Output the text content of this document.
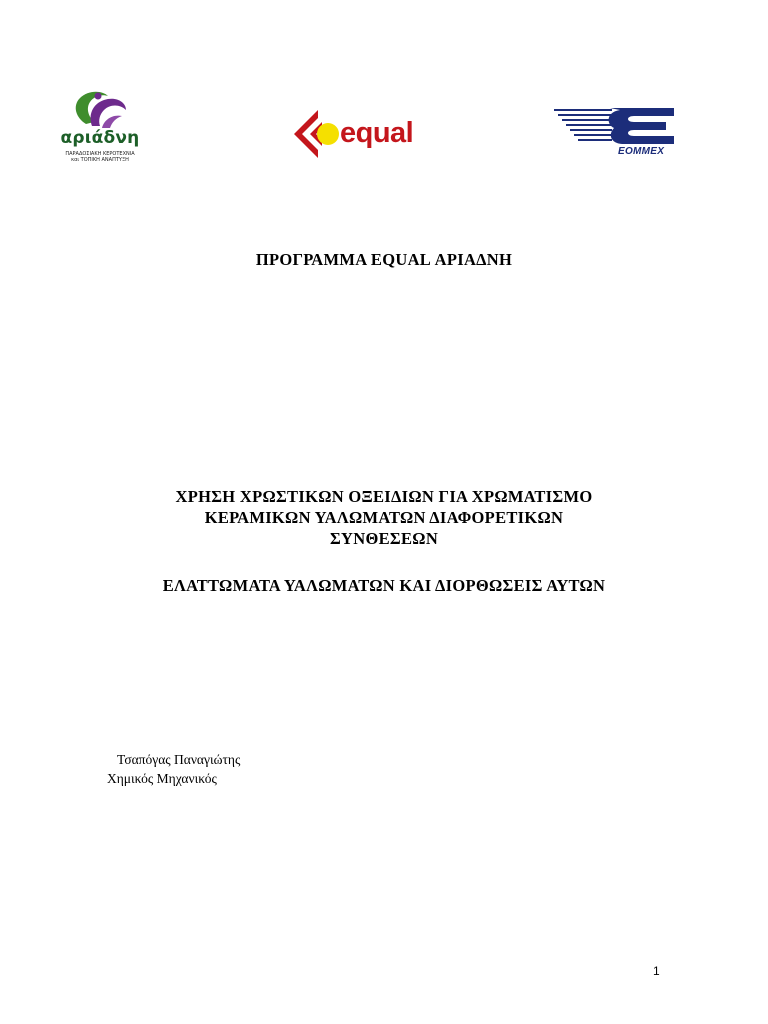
αριάδνη
ΠΑΡΑΔΟΣΙΑΚΗ ΚΕΡΟΤΕΧΝΙΑ
και ΤΟΠΙΚΗ ΑΝΑΠΤΥΞΗ
equal
EOMMEX
ΠΡΟΓΡΑΜΜΑ EQUAL ΑΡΙΑΔΝΗ
ΧΡΗΣΗ ΧΡΩΣΤΙΚΩΝ ΟΞΕΙΔΙΩΝ ΓΙΑ ΧΡΩΜΑΤΙΣΜΟ
ΚΕΡΑΜΙΚΩΝ ΥΑΛΩΜΑΤΩΝ ΔΙΑΦΟΡΕΤΙΚΩΝ
ΣΥΝΘΕΣΕΩΝ
ΕΛΑΤΤΩΜΑΤΑ ΥΑΛΩΜΑΤΩΝ ΚΑΙ ΔΙΟΡΘΩΣΕΙΣ ΑΥΤΩΝ
Τσαπόγας Παναγιώτης
Χημικός Μηχανικός
1
